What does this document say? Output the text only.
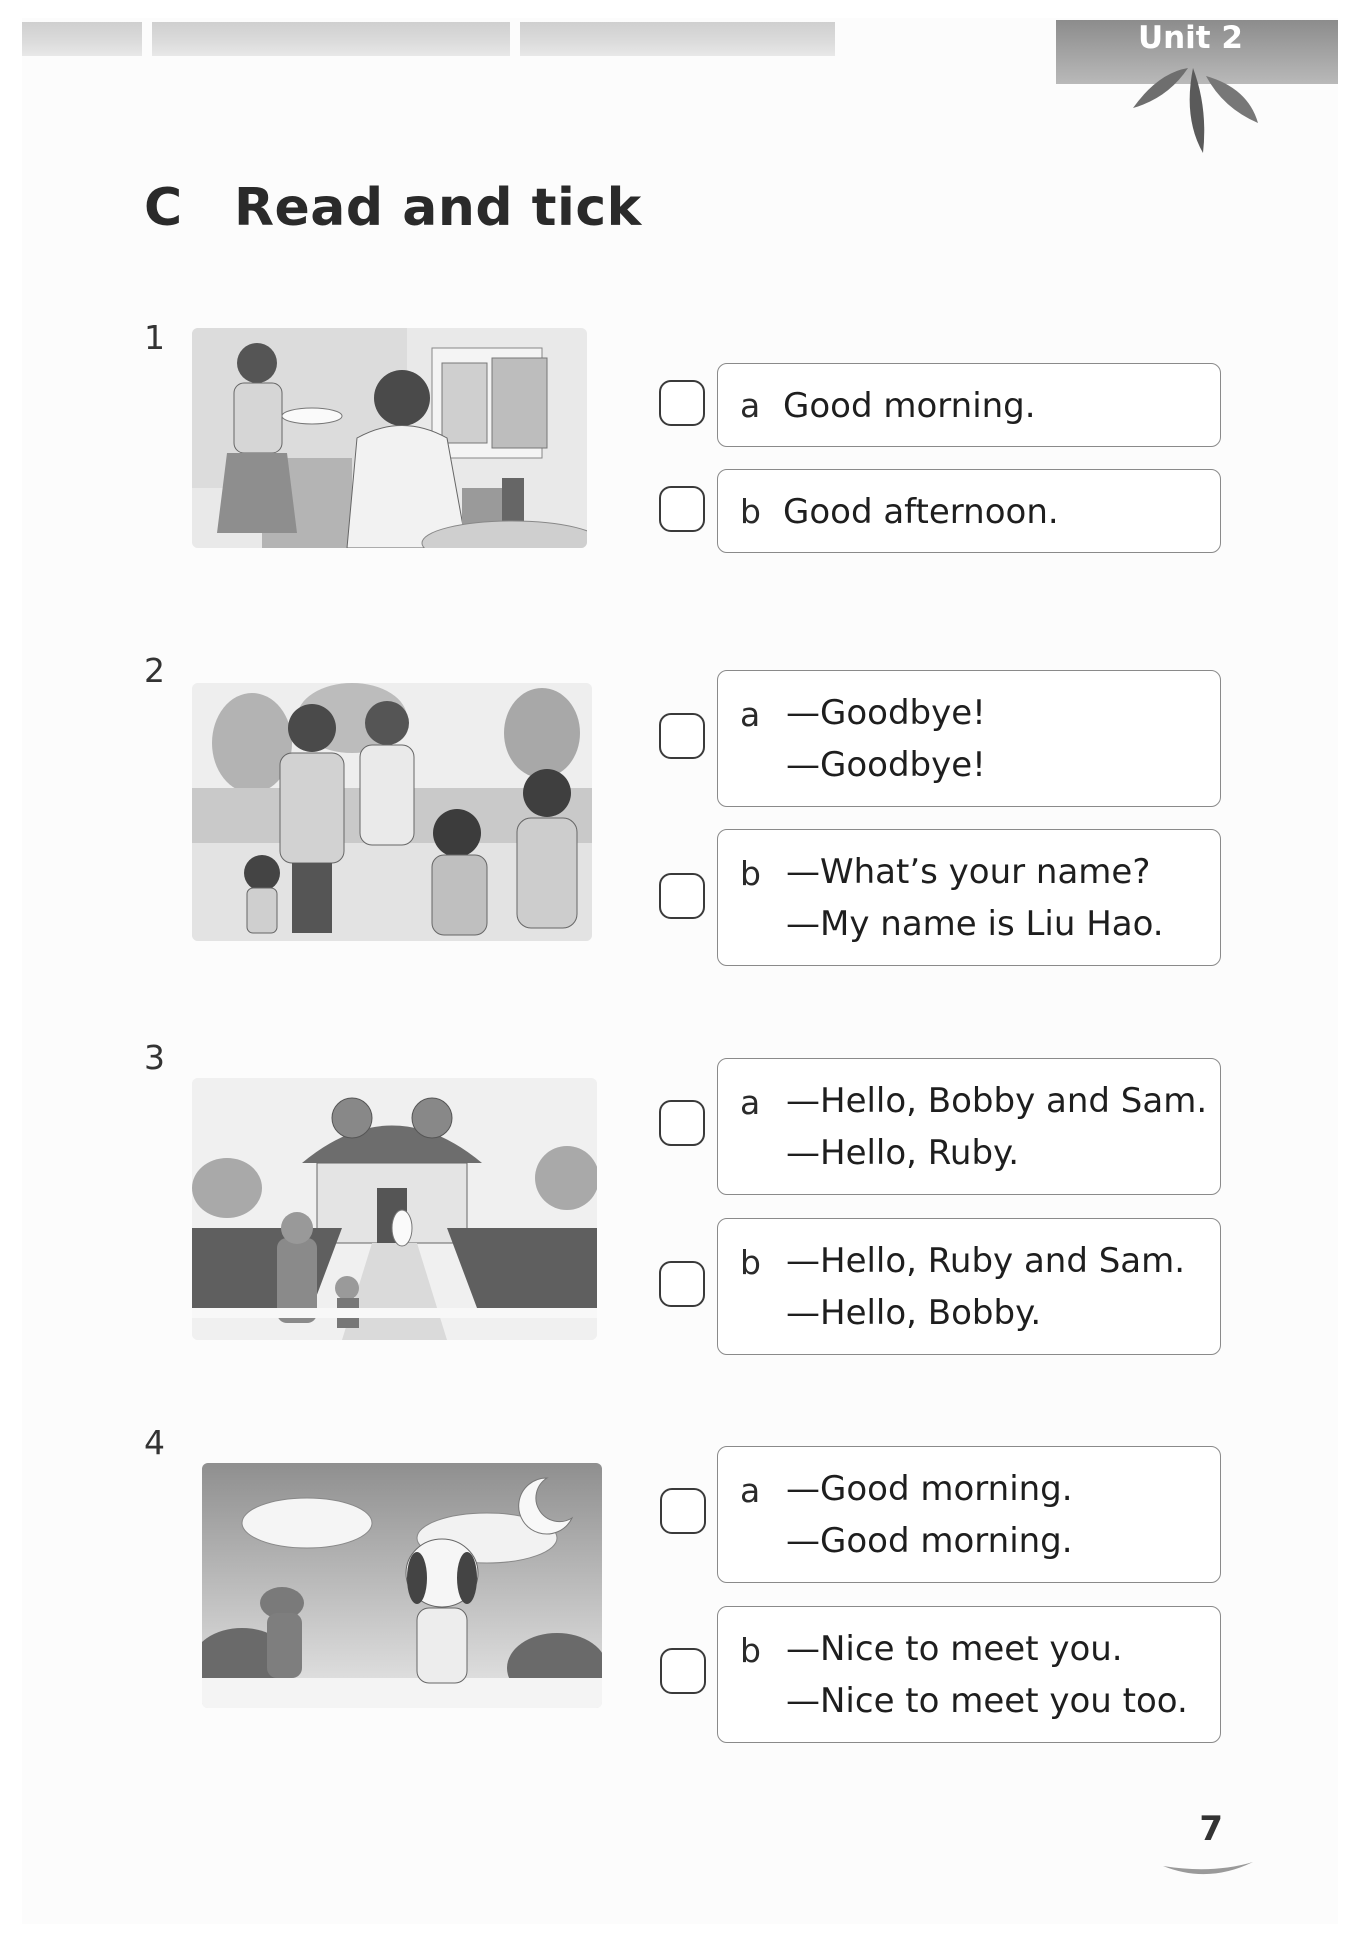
Unit 2
C Read and tick
1
a Good morning.
b Good afternoon.
2
a —Goodbye!
—Goodbye!
b —What’s your name?
—My name is Liu Hao.
3
a —Hello, Bobby and Sam.
—Hello, Ruby.
b —Hello, Ruby and Sam.
—Hello, Bobby.
4
a —Good morning.
—Good morning.
b —Nice to meet you.
—Nice to meet you too.
7
